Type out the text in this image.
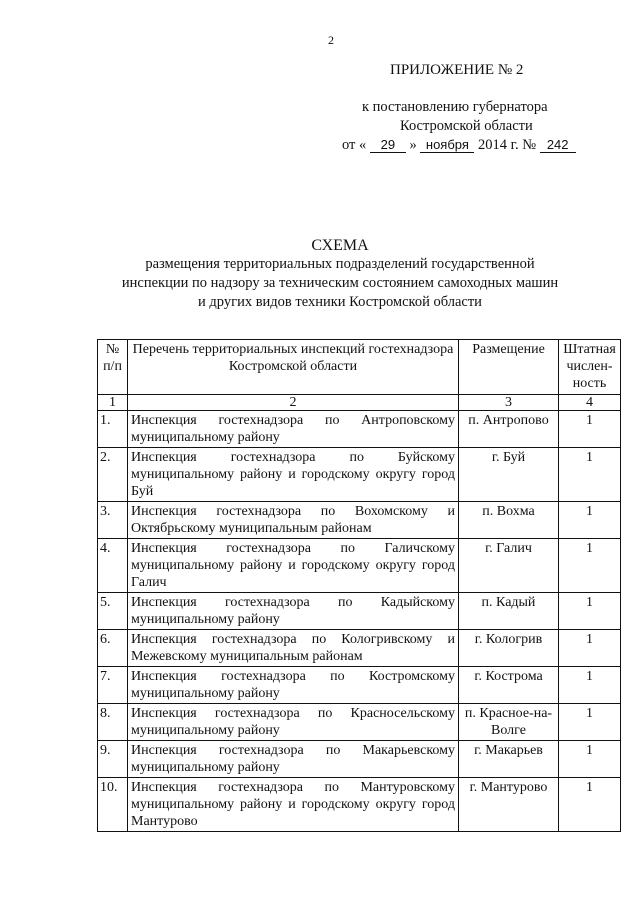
2
ПРИЛОЖЕНИЕ № 2
к постановлению губернатора
Костромской области
от « 29 » ноября 2014 г. № 242
СХЕМА
размещения территориальных подразделений государственной инспекции по надзору за техническим состоянием самоходных машин и других видов техники Костромской области
№ п/п	Перечень территориальных инспекций гостехнадзора Костромской области	Размещение	Штатная числен-ность
1	2	3	4
1.	Инспекция гостехнадзора по Антроповскому муниципальному району	п. Антропово	1
2.	Инспекция гостехнадзора по Буйскому муниципальному району и городскому округу город Буй	г. Буй	1
3.	Инспекция гостехнадзора по Вохомскому и Октябрьскому муниципальным районам	п. Вохма	1
4.	Инспекция гостехнадзора по Галичскому муниципальному району и городскому округу город Галич	г. Галич	1
5.	Инспекция гостехнадзора по Кадыйскому муниципальному району	п. Кадый	1
6.	Инспекция гостехнадзора по Кологривскому и Межевскому муниципальным районам	г. Кологрив	1
7.	Инспекция гостехнадзора по Костромскому муниципальному району	г. Кострома	1
8.	Инспекция гостехнадзора по Красносельскому муниципальному району	п. Красное-на-Волге	1
9.	Инспекция гостехнадзора по Макарьевскому муниципальному району	г. Макарьев	1
10.	Инспекция гостехнадзора по Мантуровскому муниципальному району и городскому округу город Мантурово	г. Мантурово	1
